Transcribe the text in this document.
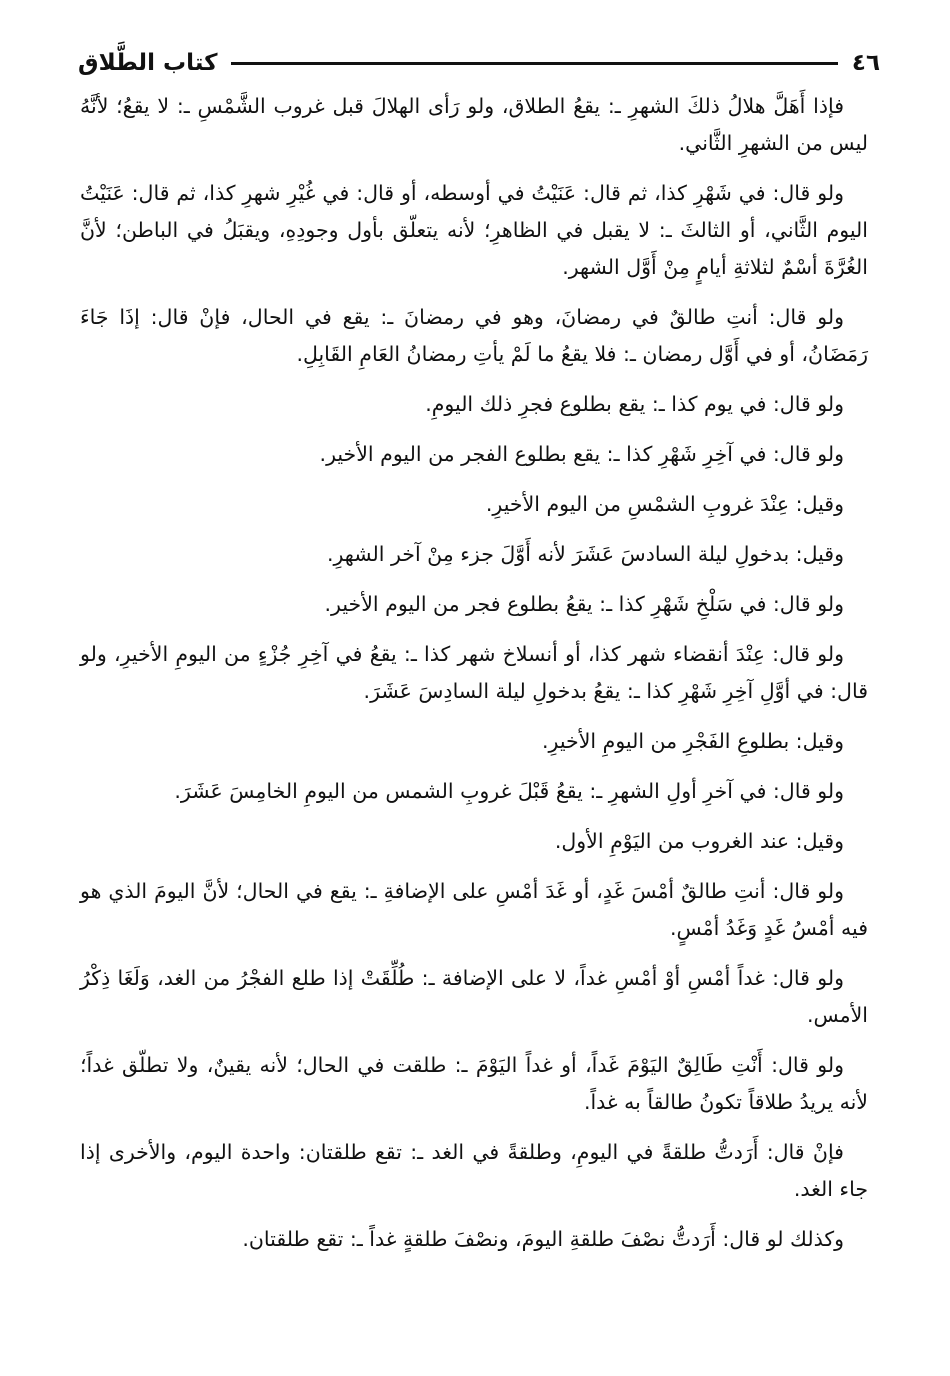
كتاب الطَّلاق	٤٦

فإذا أَهَلَّ هلالُ ذلكَ الشهرِ ـ: يقعُ الطلاق، ولو رَأى الهلالَ قبل غروب الشَّمْسِ ـ: لا يقعُ؛ لأنَّهُ ليس من الشهرِ الثَّاني.

ولو قال: في شَهْرِ كذا، ثم قال: عَنَيْتُ في أوسطه، أو قال: في غُيْرِ شهرِ كذا، ثم قال: عَنَيْتُ اليوم الثَّاني، أو الثالثَ ـ: لا يقبل في الظاهرِ؛ لأنه يتعلّق بأول وجودِهِ، ويقبَلُ في الباطن؛ لأنَّ الغُرَّةَ أسْمٌ لثلاثةِ أيامٍ مِنْ أَوَّل الشهر.

ولو قال: أنتِ طالقٌ في رمضانَ، وهو في رمضانَ ـ: يقع في الحال، فإنْ قال: إذَا جَاءَ رَمَضَانُ، أو في أَوَّل رمضان ـ: فلا يقعُ ما لَمْ يأتِ رمضانُ العَامِ القَابِلِ.

ولو قال: في يوم كذا ـ: يقع بطلوع فجرِ ذلك اليومِ.

ولو قال: في آخِرِ شَهْرِ كذا ـ: يقع بطلوع الفجر من اليوم الأخير.

وقيل: عِنْدَ غروبِ الشمْسِ من اليوم الأخيرِ.

وقيل: بدخولِ ليلة السادسَ عَشَرَ لأنه أَوَّلَ جزء مِنْ آخر الشهرِ.

ولو قال: في سَلْخِ شَهْرِ كذا ـ: يقعُ بطلوع فجر من اليوم الأخير.

ولو قال: عِنْدَ أنقضاء شهر كذا، أو أنسلاخ شهر كذا ـ: يقعُ في آخِرِ جُزْءٍ من اليومِ الأخيرِ، ولو قال: في أوَّلِ آخِرِ شَهْرِ كذا ـ: يقعُ بدخولِ ليلة السادِسَ عَشَرَ.

وقيل: بطلوعِ الفَجْرِ من اليومِ الأخيرِ.

ولو قال: في آخرِ أولِ الشهرِ ـ: يقعُ قَبْلَ غروبِ الشمس من اليومِ الخامِسَ عَشَرَ.

وقيل: عند الغروب من اليَوْمِ الأول.

ولو قال: أنتِ طالقٌ أمْسَ غَدٍ، أو غَدَ أمْسِ على الإضافةِ ـ: يقع في الحال؛ لأنَّ اليومَ الذي هو فيه أمْسُ غَدٍ وَغَدُ أمْسٍ.

ولو قال: غداً أمْسِ أوْ أمْسِ غداً، لا على الإضافة ـ: طُلِّقَتْ إذا طلع الفجْرُ من الغد، وَلَغَا ذِكْرُ الأمس.

ولو قال: أَنْتِ طَالِقٌ اليَوْمَ غَداً، أو غداً اليَوْمَ ـ: طلقت في الحال؛ لأنه يقينٌ، ولا تطلّق غداً؛ لأنه يريدُ طلاقاً تكونُ طالقاً به غداً.

فإنْ قال: أَرَدتُّ طلقةً في اليومِ، وطلقةً في الغد ـ: تقع طلقتان: واحدة اليوم، والأخرى إذا جاء الغد.

وكذلك لو قال: أَرَدتُّ نصْفَ طلقةِ اليومَ، ونصْفَ طلقةٍ غداً ـ: تقع طلقتان.
